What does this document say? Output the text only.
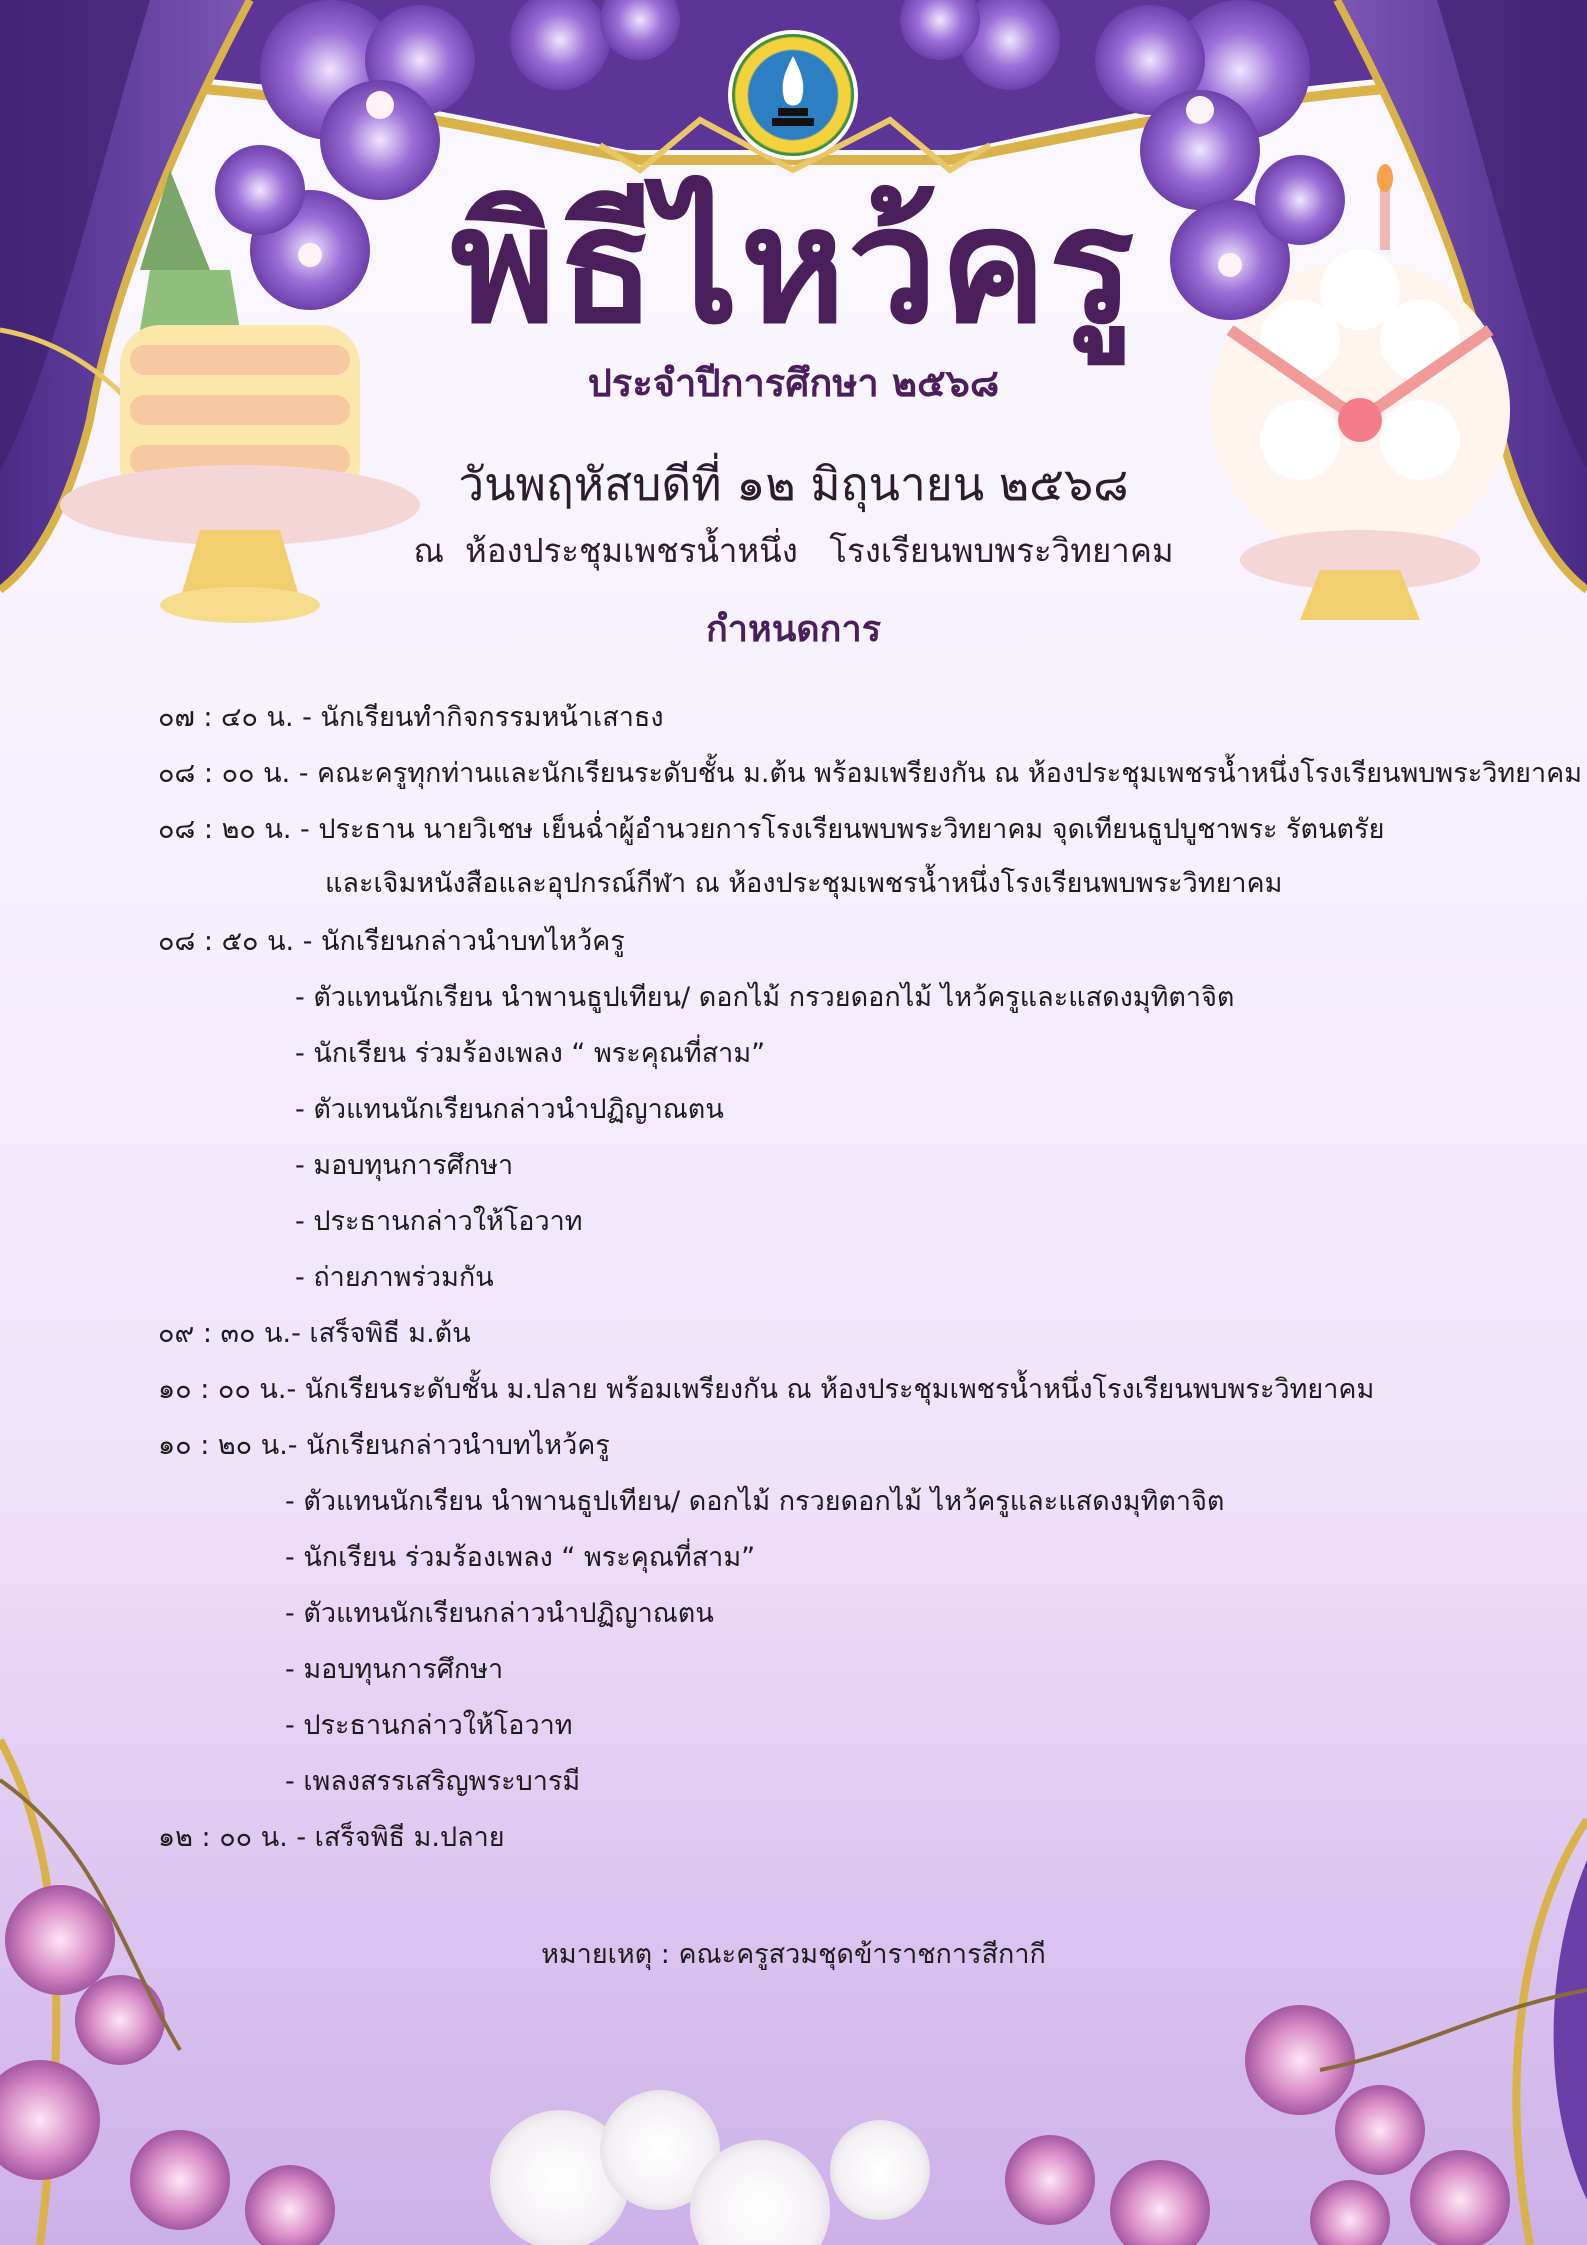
พิธีไหว้ครู
ประจำปีการศึกษา ๒๕๖๘
วันพฤหัสบดีที่ ๑๒ มิถุนายน ๒๕๖๘
ณ  ห้องประชุมเพชรน้ำหนึ่ง   โรงเรียนพบพระวิทยาคม
กำหนดการ
๐๗ : ๔๐ น. - นักเรียนทำกิจกรรมหน้าเสาธง
๐๘ : ๐๐ น. - คณะครูทุกท่านและนักเรียนระดับชั้น ม.ต้น พร้อมเพรียงกัน ณ ห้องประชุมเพชรน้ำหนึ่งโรงเรียนพบพระวิทยาคม
๐๘ : ๒๐ น. - ประธาน นายวิเชษ เย็นฉ่ำผู้อำนวยการโรงเรียนพบพระวิทยาคม จุดเทียนธูปบูชาพระ รัตนตรัย
และเจิมหนังสือและอุปกรณ์กีฬา ณ ห้องประชุมเพชรน้ำหนึ่งโรงเรียนพบพระวิทยาคม
๐๘ : ๕๐ น. - นักเรียนกล่าวนำบทไหว้ครู
- ตัวแทนนักเรียน นำพานธูปเทียน/ ดอกไม้ กรวยดอกไม้ ไหว้ครูและแสดงมุทิตาจิต
- นักเรียน ร่วมร้องเพลง “ พระคุณที่สาม”
- ตัวแทนนักเรียนกล่าวนำปฏิญาณตน
- มอบทุนการศึกษา
- ประธานกล่าวให้โอวาท
- ถ่ายภาพร่วมกัน
๐๙ : ๓๐ น.- เสร็จพิธี ม.ต้น
๑๐ : ๐๐ น.- นักเรียนระดับชั้น ม.ปลาย พร้อมเพรียงกัน ณ ห้องประชุมเพชรน้ำหนึ่งโรงเรียนพบพระวิทยาคม
๑๐ : ๒๐ น.- นักเรียนกล่าวนำบทไหว้ครู
- ตัวแทนนักเรียน นำพานธูปเทียน/ ดอกไม้ กรวยดอกไม้ ไหว้ครูและแสดงมุทิตาจิต
- นักเรียน ร่วมร้องเพลง “ พระคุณที่สาม”
- ตัวแทนนักเรียนกล่าวนำปฏิญาณตน
- มอบทุนการศึกษา
- ประธานกล่าวให้โอวาท
- เพลงสรรเสริญพระบารมี
๑๒ : ๐๐ น. - เสร็จพิธี ม.ปลาย
หมายเหตุ : คณะครูสวมชุดข้าราชการสีกากี
